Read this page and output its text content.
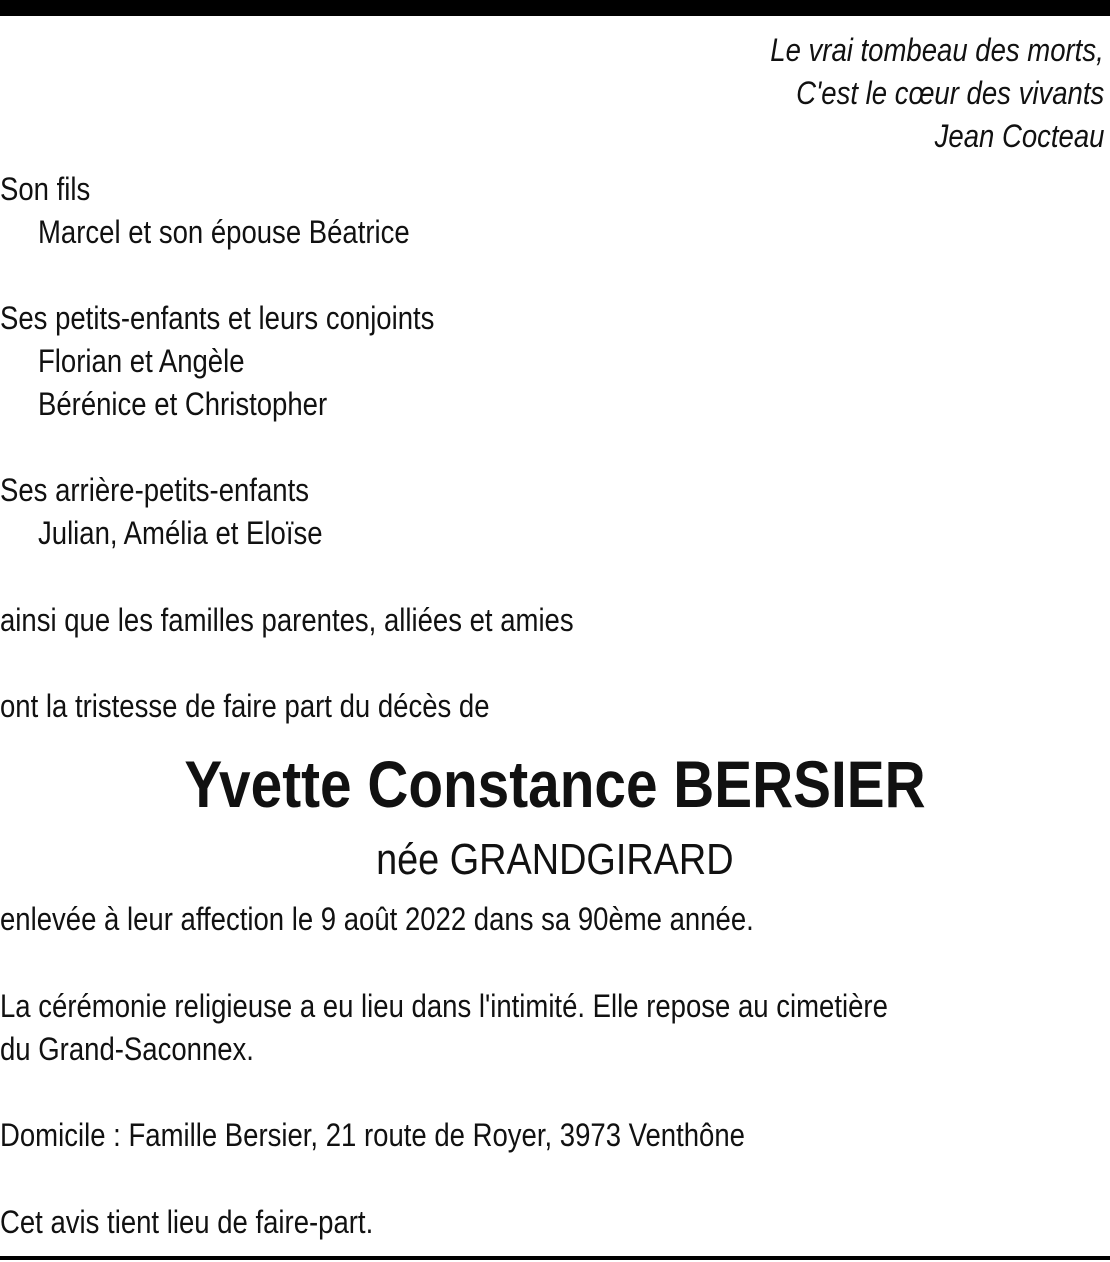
Le vrai tombeau des morts,
C'est le cœur des vivants
Jean Cocteau
Son fils
Marcel et son épouse Béatrice
Ses petits-enfants et leurs conjoints
Florian et Angèle
Bérénice et Christopher
Ses arrière-petits-enfants
Julian, Amélia et Eloïse
ainsi que les familles parentes, alliées et amies
ont la tristesse de faire part du décès de
Yvette Constance BERSIER
née GRANDGIRARD
enlevée à leur affection le 9 août 2022 dans sa 90ème année.
La cérémonie religieuse a eu lieu dans l'intimité. Elle repose au cimetière
du Grand-Saconnex.
Domicile : Famille Bersier, 21 route de Royer, 3973 Venthône
Cet avis tient lieu de faire-part.
